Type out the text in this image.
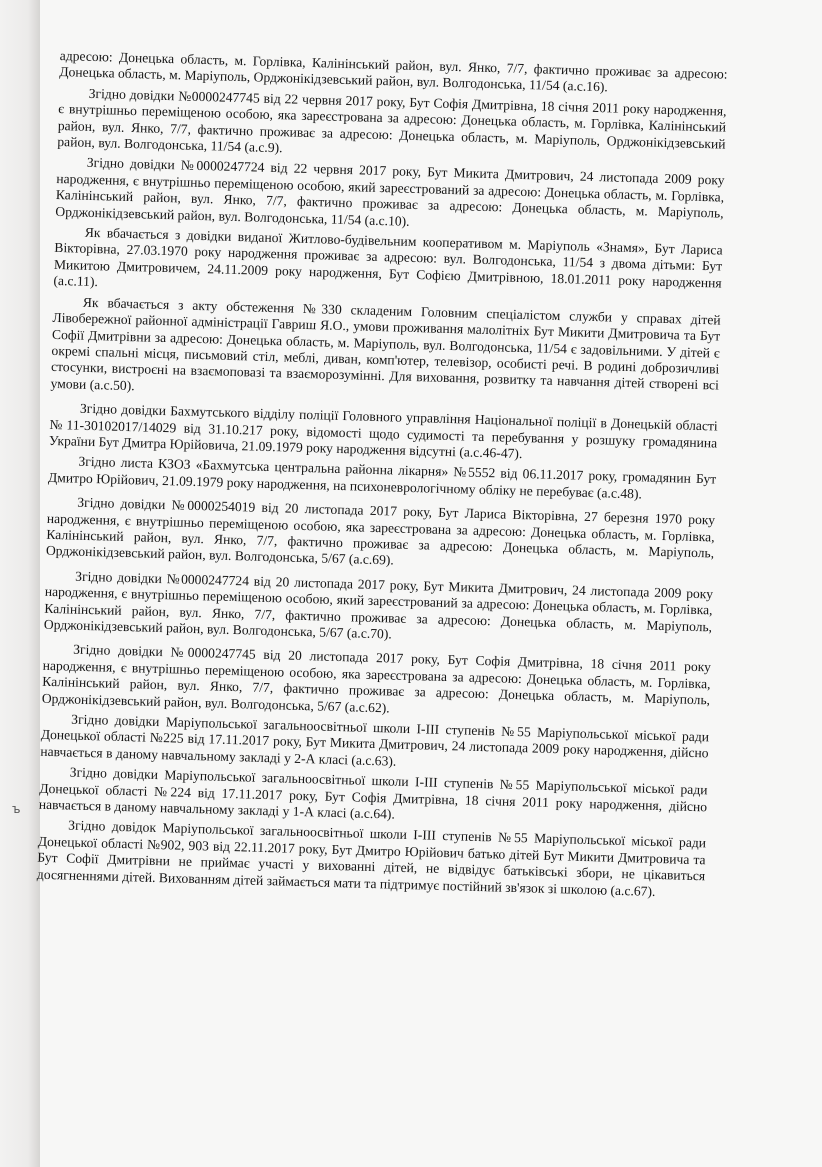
адресою: Донецька область, м. Горлівка, Калінінський район, вул. Янко, 7/7, фактично проживає за адресою: Донецька область, м. Маріуполь, Орджонікідзевський район, вул. Волгодонська, 11/54 (а.с.16).

Згідно довідки №0000247745 від 22 червня 2017 року, Бут Софія Дмитрівна, 18 січня 2011 року народження, є внутрішньо переміщеною особою, яка зареєстрована за адресою: Донецька область, м. Горлівка, Калінінський район, вул. Янко, 7/7, фактично проживає за адресою: Донецька область, м. Маріуполь, Орджонікідзевський район, вул. Волгодонська, 11/54 (а.с.9).

Згідно довідки №0000247724 від 22 червня 2017 року, Бут Микита Дмитрович, 24 листопада 2009 року народження, є внутрішньо переміщеною особою, який зареєстрований за адресою: Донецька область, м. Горлівка, Калінінський район, вул. Янко, 7/7, фактично проживає за адресою: Донецька область, м. Маріуполь, Орджонікідзевський район, вул. Волгодонська, 11/54 (а.с.10).

Як вбачається з довідки виданої Житлово-будівельним кооперативом м. Маріуполь «Знамя», Бут Лариса Вікторівна, 27.03.1970 року народження проживає за адресою: вул. Волгодонська, 11/54 з двома дітьми: Бут Микитою Дмитровичем, 24.11.2009 року народження, Бут Софією Дмитрівною, 18.01.2011 року народження (а.с.11).

Як вбачається з акту обстеження №330 складеним Головним спеціалістом служби у справах дітей Лівобережної районної адміністрації Гавриш Я.О., умови проживання малолітніх Бут Микити Дмитровича та Бут Софії Дмитрівни за адресою: Донецька область, м. Маріуполь, вул. Волгодонська, 11/54 є задовільними. У дітей є окремі спальні місця, письмовий стіл, меблі, диван, комп'ютер, телевізор, особисті речі. В родині доброзичливі стосунки, вистроєні на взаємоповазі та взаєморозумінні. Для виховання, розвитку та навчання дітей створені всі умови (а.с.50).

Згідно довідки Бахмутського відділу поліції Головного управління Національної поліції в Донецькій області №11-30102017/14029 від 31.10.217 року, відомості щодо судимості та перебування у розшуку громадянина України Бут Дмитра Юрійовича, 21.09.1979 року народження відсутні (а.с.46-47).

Згідно листа КЗОЗ «Бахмутська центральна районна лікарня» №5552 від 06.11.2017 року, громадянин Бут Дмитро Юрійович, 21.09.1979 року народження, на психоневрологічному обліку не перебуває (а.с.48).

Згідно довідки №0000254019 від 20 листопада 2017 року, Бут Лариса Вікторівна, 27 березня 1970 року народження, є внутрішньо переміщеною особою, яка зареєстрована за адресою: Донецька область, м. Горлівка, Калінінський район, вул. Янко, 7/7, фактично проживає за адресою: Донецька область, м. Маріуполь, Орджонікідзевський район, вул. Волгодонська, 5/67 (а.с.69).

Згідно довідки №0000247724 від 20 листопада 2017 року, Бут Микита Дмитрович, 24 листопада 2009 року народження, є внутрішньо переміщеною особою, який зареєстрований за адресою: Донецька область, м. Горлівка, Калінінський район, вул. Янко, 7/7, фактично проживає за адресою: Донецька область, м. Маріуполь, Орджонікідзевський район, вул. Волгодонська, 5/67 (а.с.70).

Згідно довідки №0000247745 від 20 листопада 2017 року, Бут Софія Дмитрівна, 18 січня 2011 року народження, є внутрішньо переміщеною особою, яка зареєстрована за адресою: Донецька область, м. Горлівка, Калінінський район, вул. Янко, 7/7, фактично проживає за адресою: Донецька область, м. Маріуполь, Орджонікідзевський район, вул. Волгодонська, 5/67 (а.с.62).

Згідно довідки Маріупольської загальноосвітньої школи І-ІІІ ступенів №55 Маріупольської міської ради Донецької області №225 від 17.11.2017 року, Бут Микита Дмитрович, 24 листопада 2009 року народження, дійсно навчається в даному навчальному закладі у 2-А класі (а.с.63).

Згідно довідки Маріупольської загальноосвітньої школи І-ІІІ ступенів №55 Маріупольської міської ради Донецької області №224 від 17.11.2017 року, Бут Софія Дмитрівна, 18 січня 2011 року народження, дійсно навчається в даному навчальному закладі у 1-А класі (а.с.64).

Згідно довідок Маріупольської загальноосвітньої школи І-ІІІ ступенів №55 Маріупольської міської ради Донецької області №902, 903 від 22.11.2017 року, Бут Дмитро Юрійович батько дітей Бут Микити Дмитровича та Бут Софії Дмитрівни не приймає участі у вихованні дітей, не відвідує батьківські збори, не цікавиться досягненнями дітей. Вихованням дітей займається мати та підтримує постійний зв'язок зі школою (а.с.67).

ъ
